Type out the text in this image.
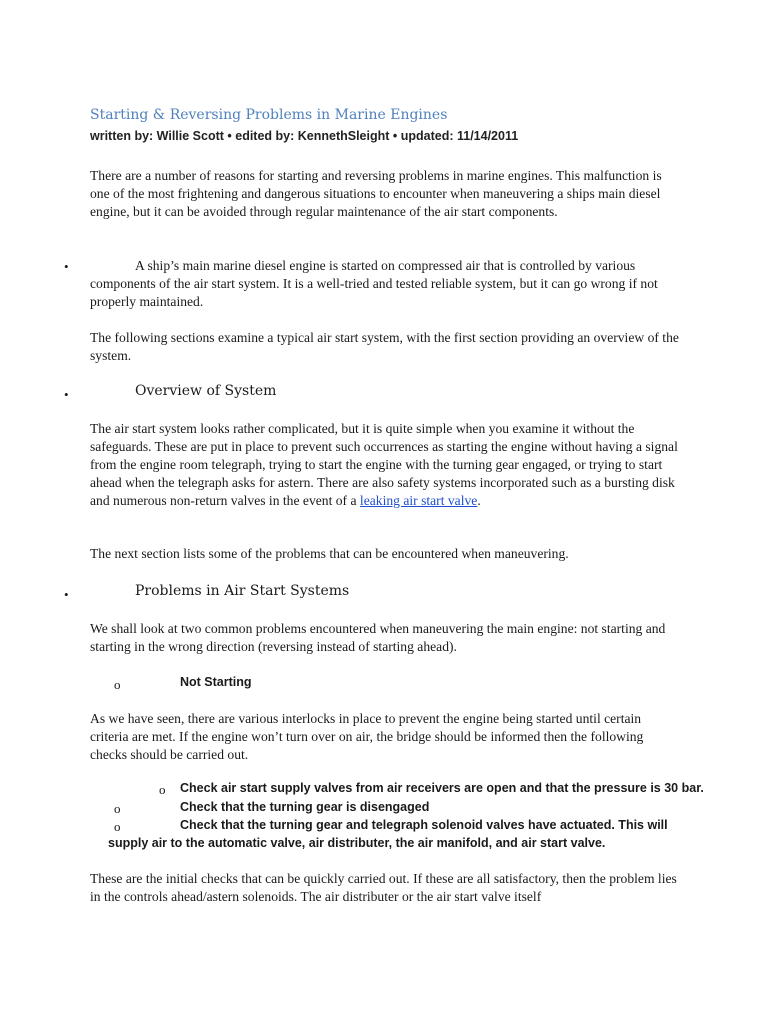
Starting & Reversing Problems in Marine Engines
written by: Willie Scott • edited by: KennethSleight • updated: 11/14/2011

There are a number of reasons for starting and reversing problems in marine engines. This malfunction is one of the most frightening and dangerous situations to encounter when maneuvering a ships main diesel engine, but it can be avoided through regular maintenance of the air start components.

•	A ship’s main marine diesel engine is started on compressed air that is controlled by various components of the air start system. It is a well-tried and tested reliable system, but it can go wrong if not properly maintained.

The following sections examine a typical air start system, with the first section providing an overview of the system.

•	Overview of System

The air start system looks rather complicated, but it is quite simple when you examine it without the safeguards. These are put in place to prevent such occurrences as starting the engine without having a signal from the engine room telegraph, trying to start the engine with the turning gear engaged, or trying to start ahead when the telegraph asks for astern. There are also safety systems incorporated such as a bursting disk and numerous non-return valves in the event of a leaking air start valve.

The next section lists some of the problems that can be encountered when maneuvering.

•	Problems in Air Start Systems

We shall look at two common problems encountered when maneuvering the main engine: not starting and starting in the wrong direction (reversing instead of starting ahead).

o	Not Starting

As we have seen, there are various interlocks in place to prevent the engine being started until certain criteria are met. If the engine won’t turn over on air, the bridge should be informed then the following checks should be carried out.

o Check air start supply valves from air receivers are open and that the pressure is 30 bar.
o	Check that the turning gear is disengaged
o	Check that the turning gear and telegraph solenoid valves have actuated. This will
supply air to the automatic valve, air distributer, the air manifold, and air start valve.

These are the initial checks that can be quickly carried out. If these are all satisfactory, then the problem lies in the controls ahead/astern solenoids. The air distributer or the air start valve itself
